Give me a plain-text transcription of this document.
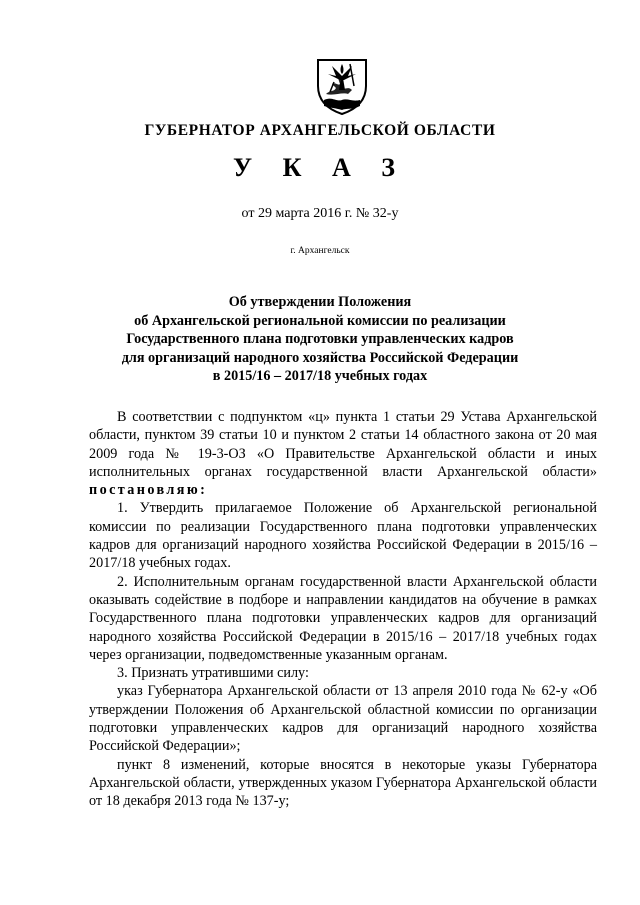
ГУБЕРНАТОР АРХАНГЕЛЬСКОЙ ОБЛАСТИ
У К А З
от 29 марта 2016 г. № 32-у
г. Архангельск
Об утверждении Положения
об Архангельской региональной комиссии по реализации
Государственного плана подготовки управленческих кадров
для организаций народного хозяйства Российской Федерации
в 2015/16 – 2017/18 учебных годах

В соответствии с подпунктом «ц» пункта 1 статьи 29 Устава Архангельской области, пунктом 39 статьи 10 и пунктом 2 статьи 14 областного закона от 20 мая 2009 года № 19-3-ОЗ «О Правительстве Архангельской области и иных исполнительных органах государственной власти Архангельской области» постановляю:

1. Утвердить прилагаемое Положение об Архангельской региональной комиссии по реализации Государственного плана подготовки управленческих кадров для организаций народного хозяйства Российской Федерации в 2015/16 – 2017/18 учебных годах.

2. Исполнительным органам государственной власти Архангельской области оказывать содействие в подборе и направлении кандидатов на обучение в рамках Государственного плана подготовки управленческих кадров для организаций народного хозяйства Российской Федерации в 2015/16 – 2017/18 учебных годах через организации, подведомственные указанным органам.

3. Признать утратившими силу:

указ Губернатора Архангельской области от 13 апреля 2010 года № 62-у «Об утверждении Положения об Архангельской областной комиссии по организации подготовки управленческих кадров для организаций народного хозяйства Российской Федерации»;

пункт 8 изменений, которые вносятся в некоторые указы Губернатора Архангельской области, утвержденных указом Губернатора Архангельской области от 18 декабря 2013 года № 137-у;
